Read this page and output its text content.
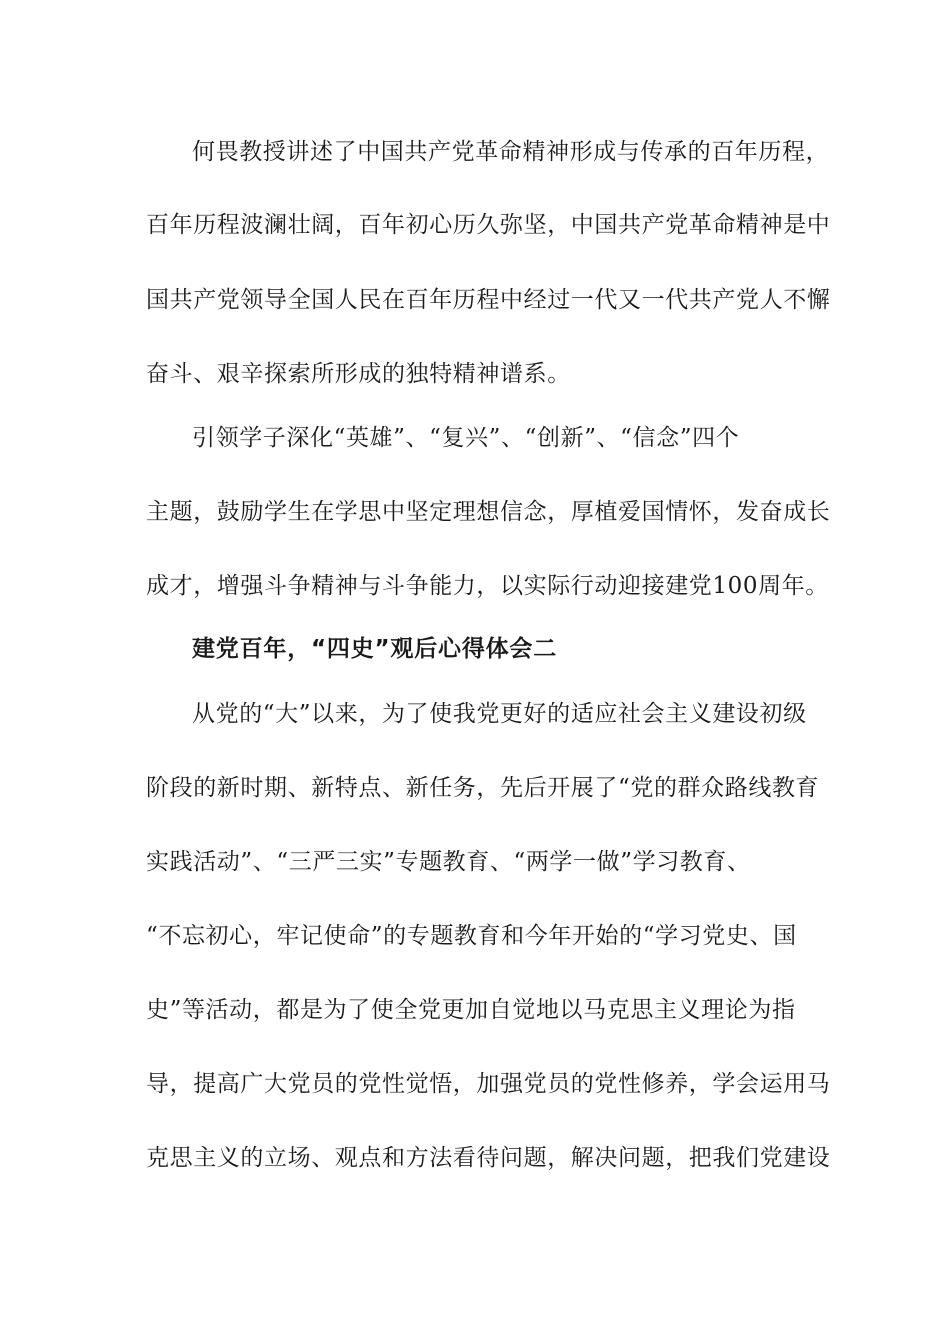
何畏教授讲述了中国共产党革命精神形成与传承的百年历程，
百年历程波澜壮阔，百年初心历久弥坚，中国共产党革命精神是中
国共产党领导全国人民在百年历程中经过一代又一代共产党人不懈
奋斗、艰辛探索所形成的独特精神谱系。
引领学子深化“英雄”、“复兴”、“创新”、“信念”四个
主题，鼓励学生在学思中坚定理想信念，厚植爱国情怀，发奋成长
成才，增强斗争精神与斗争能力，以实际行动迎接建党100周年。
建党百年，“四史”观后心得体会二
从党的“大”以来，为了使我党更好的适应社会主义建设初级
阶段的新时期、新特点、新任务，先后开展了“党的群众路线教育
实践活动”、“三严三实”专题教育、“两学一做”学习教育、
“不忘初心，牢记使命”的专题教育和今年开始的“学习党史、国
史”等活动，都是为了使全党更加自觉地以马克思主义理论为指
导，提高广大党员的党性觉悟，加强党员的党性修养，学会运用马
克思主义的立场、观点和方法看待问题，解决问题，把我们党建设
